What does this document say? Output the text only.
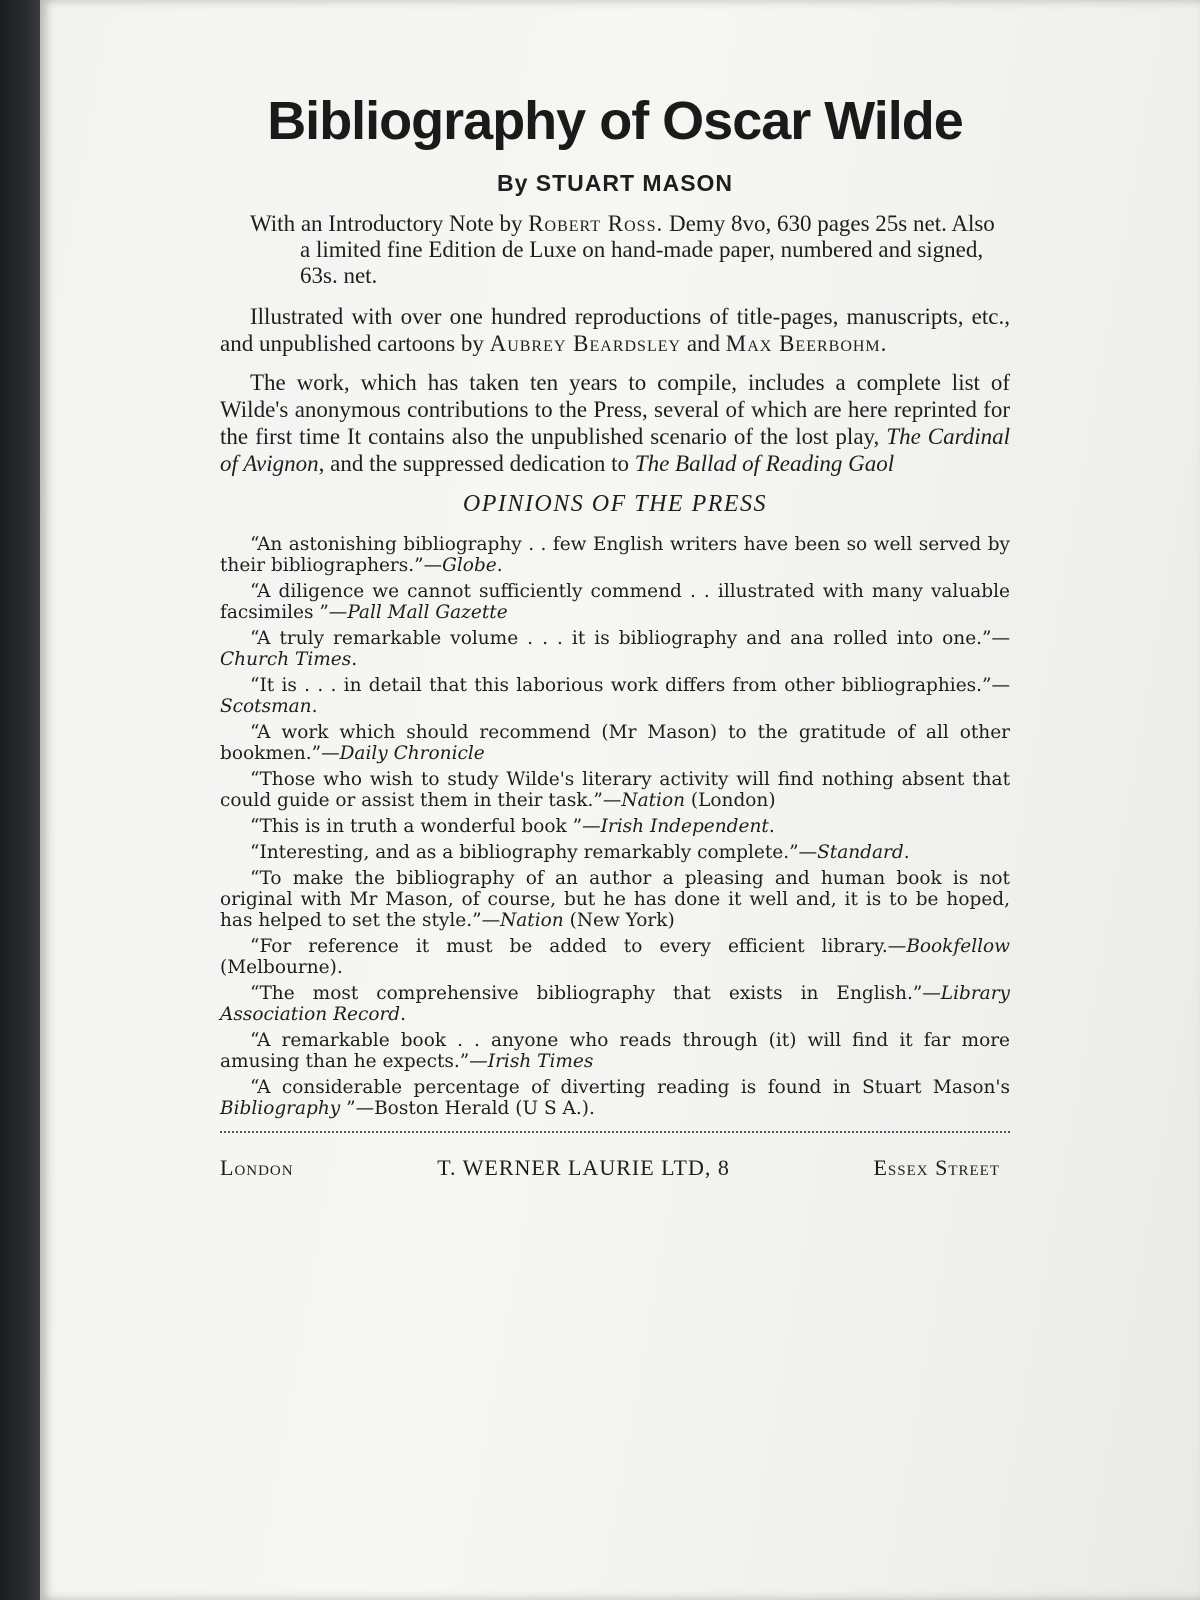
Bibliography of Oscar Wilde
By STUART MASON
With an Introductory Note by Robert Ross. Demy 8vo, 630 pages 25s net. Also a limited fine Edition de Luxe on hand-made paper, numbered and signed, 63s. net.
Illustrated with over one hundred reproductions of title-pages, manuscripts, etc., and unpublished cartoons by Aubrey Beardsley and Max Beerbohm.
The work, which has taken ten years to compile, includes a complete list of Wilde's anonymous contributions to the Press, several of which are here reprinted for the first time It contains also the unpublished scenario of the lost play, The Cardinal of Avignon, and the suppressed dedication to The Ballad of Reading Gaol
OPINIONS OF THE PRESS
“An astonishing bibliography . . few English writers have been so well served by their bibliographers.”—Globe.
“A diligence we cannot sufficiently commend . . illustrated with many valuable facsimiles ”—Pall Mall Gazette
“A truly remarkable volume . . . it is bibliography and ana rolled into one.”—Church Times.
“It is . . . in detail that this laborious work differs from other bibliographies.”—Scotsman.
“A work which should recommend (Mr Mason) to the gratitude of all other bookmen.”—Daily Chronicle
“Those who wish to study Wilde's literary activity will find nothing absent that could guide or assist them in their task.”—Nation (London)
“This is in truth a wonderful book ”—Irish Independent.
“Interesting, and as a bibliography remarkably complete.”—Standard.
“To make the bibliography of an author a pleasing and human book is not original with Mr Mason, of course, but he has done it well and, it is to be hoped, has helped to set the style.”—Nation (New York)
“For reference it must be added to every efficient library.—Bookfellow (Melbourne).
“The most comprehensive bibliography that exists in English.”—Library Association Record.
“A remarkable book . . anyone who reads through (it) will find it far more amusing than he expects.”—Irish Times
“A considerable percentage of diverting reading is found in Stuart Mason's Bibliography ”—Boston Herald (U S A.).
London	T. WERNER LAURIE LTD, 8	Essex Street
